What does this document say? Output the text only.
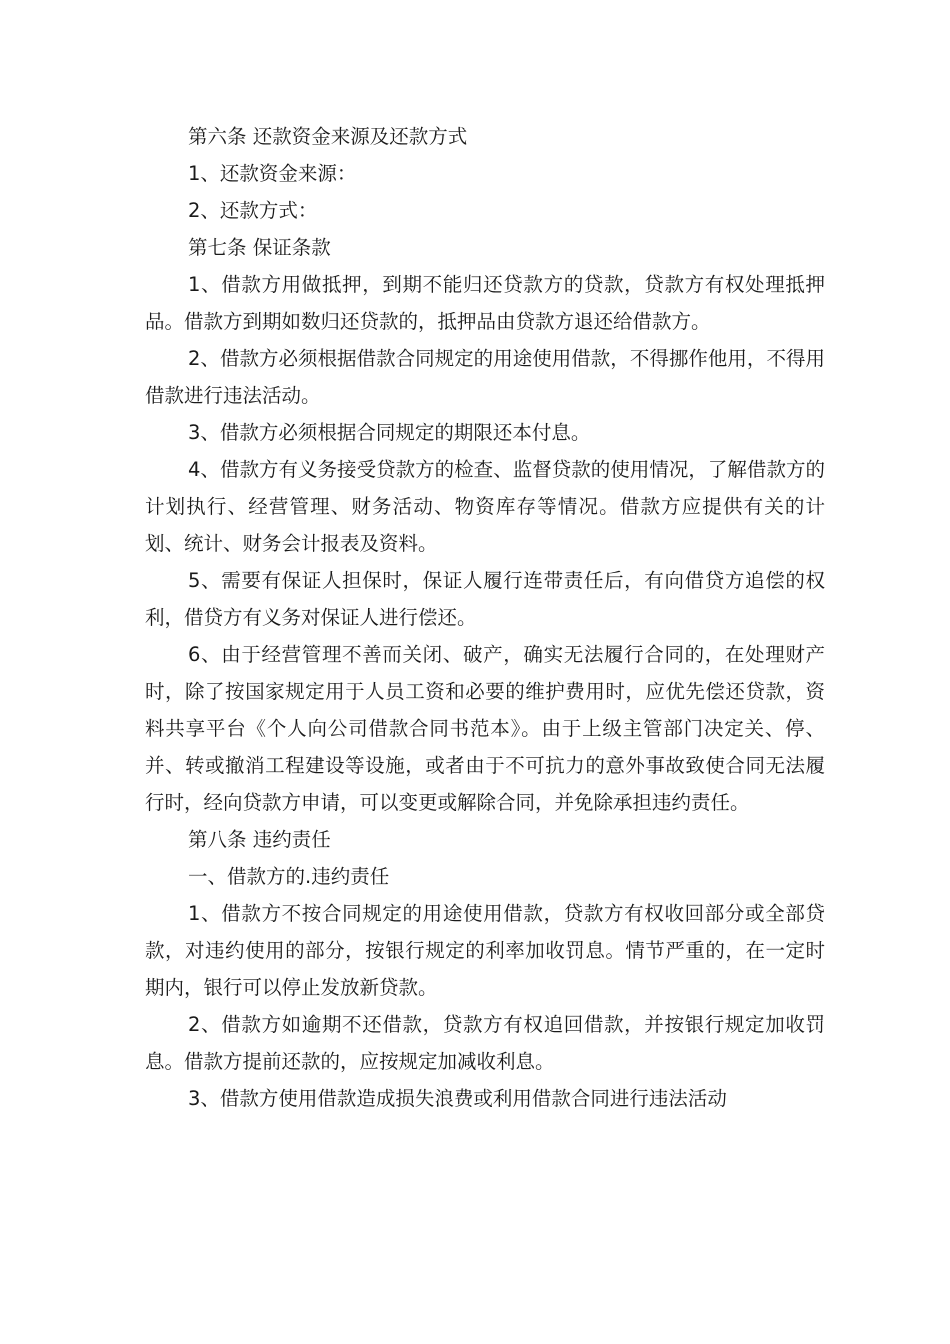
第六条 还款资金来源及还款方式

1、还款资金来源：

2、还款方式：

第七条 保证条款

1、借款方用做抵押，到期不能归还贷款方的贷款，贷款方有权处理抵押品。借款方到期如数归还贷款的，抵押品由贷款方退还给借款方。

2、借款方必须根据借款合同规定的用途使用借款，不得挪作他用，不得用借款进行违法活动。

3、借款方必须根据合同规定的期限还本付息。

4、借款方有义务接受贷款方的检查、监督贷款的使用情况，了解借款方的计划执行、经营管理、财务活动、物资库存等情况。借款方应提供有关的计划、统计、财务会计报表及资料。

5、需要有保证人担保时，保证人履行连带责任后，有向借贷方追偿的权利，借贷方有义务对保证人进行偿还。

6、由于经营管理不善而关闭、破产，确实无法履行合同的，在处理财产时，除了按国家规定用于人员工资和必要的维护费用时，应优先偿还贷款，资料共享平台《个人向公司借款合同书范本》。由于上级主管部门决定关、停、并、转或撤消工程建设等设施，或者由于不可抗力的意外事故致使合同无法履行时，经向贷款方申请，可以变更或解除合同，并免除承担违约责任。

第八条 违约责任

一、借款方的.违约责任

1、借款方不按合同规定的用途使用借款，贷款方有权收回部分或全部贷款，对违约使用的部分，按银行规定的利率加收罚息。情节严重的，在一定时期内，银行可以停止发放新贷款。

2、借款方如逾期不还借款，贷款方有权追回借款，并按银行规定加收罚息。借款方提前还款的，应按规定加减收利息。

3、借款方使用借款造成损失浪费或利用借款合同进行违法活动
